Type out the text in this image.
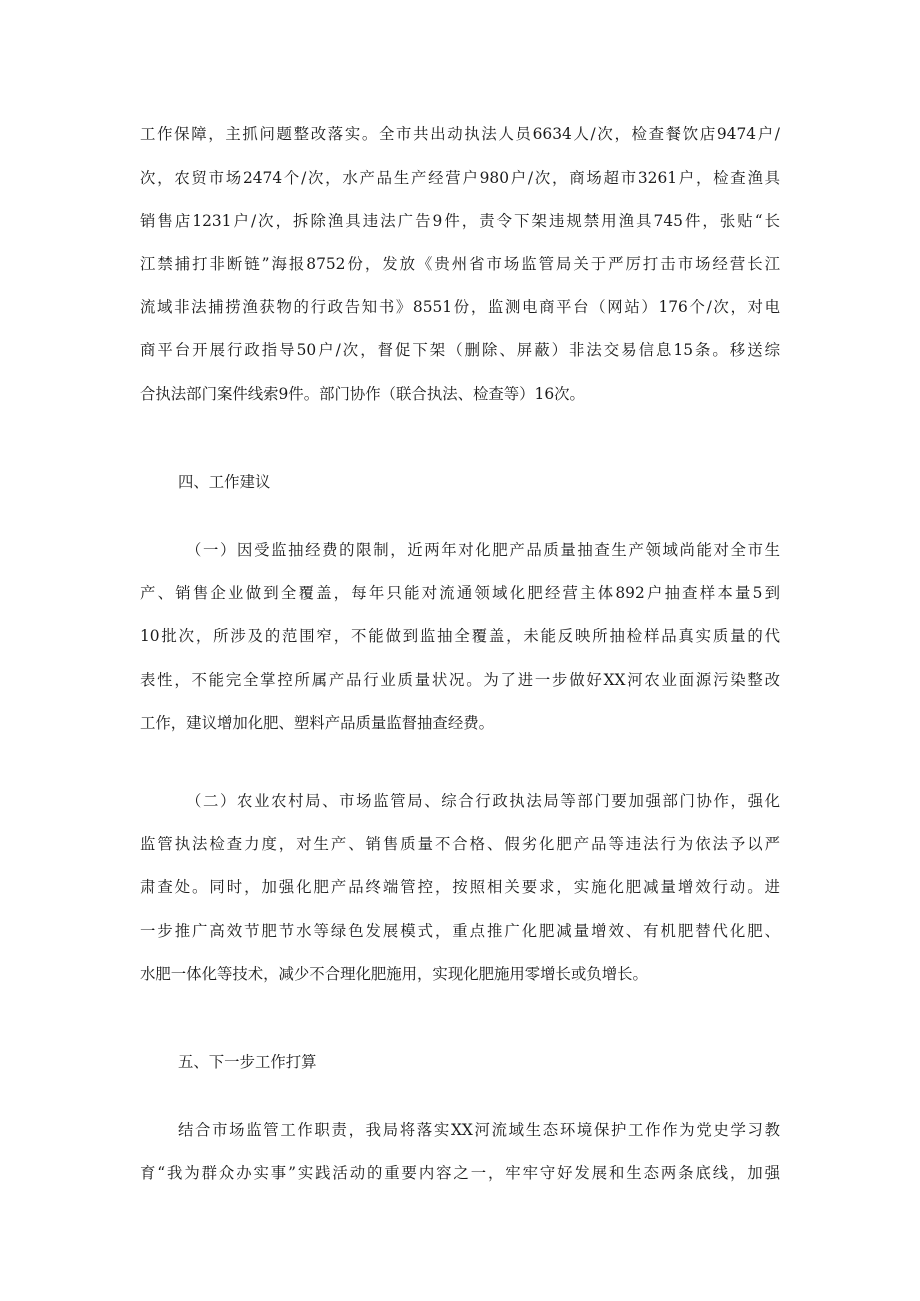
工作保障，主抓问题整改落实。全市共出动执法人员6634人/次，检查餐饮店9474户/
次，农贸市场2474个/次，水产品生产经营户980户/次，商场超市3261户，检查渔具
销售店1231户/次，拆除渔具违法广告9件，责令下架违规禁用渔具745件，张贴“长
江禁捕打非断链”海报8752份，发放《贵州省市场监管局关于严厉打击市场经营长江
流域非法捕捞渔获物的行政告知书》8551份，监测电商平台（网站）176个/次，对电
商平台开展行政指导50户/次，督促下架（删除、屏蔽）非法交易信息15条。移送综
合执法部门案件线索9件。部门协作（联合执法、检查等）16次。
四、工作建议
（一）因受监抽经费的限制，近两年对化肥产品质量抽查生产领域尚能对全市生
产、销售企业做到全覆盖，每年只能对流通领域化肥经营主体892户抽查样本量5到
10批次，所涉及的范围窄，不能做到监抽全覆盖，未能反映所抽检样品真实质量的代
表性，不能完全掌控所属产品行业质量状况。为了进一步做好XX河农业面源污染整改
工作，建议增加化肥、塑料产品质量监督抽查经费。
（二）农业农村局、市场监管局、综合行政执法局等部门要加强部门协作，强化
监管执法检查力度，对生产、销售质量不合格、假劣化肥产品等违法行为依法予以严
肃查处。同时，加强化肥产品终端管控，按照相关要求，实施化肥减量增效行动。进
一步推广高效节肥节水等绿色发展模式，重点推广化肥减量增效、有机肥替代化肥、
水肥一体化等技术，减少不合理化肥施用，实现化肥施用零增长或负增长。
五、下一步工作打算
结合市场监管工作职责，我局将落实XX河流域生态环境保护工作作为党史学习教
育“我为群众办实事”实践活动的重要内容之一，牢牢守好发展和生态两条底线，加强
